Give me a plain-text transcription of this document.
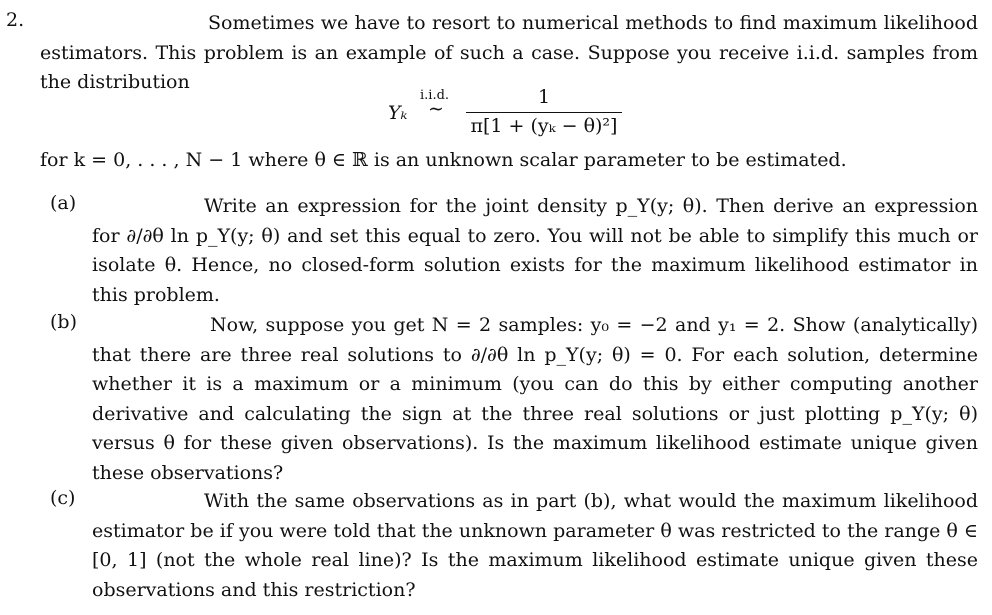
2.	Sometimes we have to resort to numerical methods to find maximum likelihood estimators. This problem is an example of such a case. Suppose you receive i.i.d. samples from the distribution
Yₖ
i.i.d.
∼
1
π[1 + (yₖ − θ)²]
for k = 0, . . . , N − 1 where θ ∈ ℝ is an unknown scalar parameter to be estimated.
(a)	Write an expression for the joint density p_Y(y; θ). Then derive an expression for ∂/∂θ ln p_Y(y; θ) and set this equal to zero. You will not be able to simplify this much or isolate θ. Hence, no closed-form solution exists for the maximum likelihood estimator in this problem.
(b)	Now, suppose you get N = 2 samples: y₀ = −2 and y₁ = 2. Show (analytically) that there are three real solutions to ∂/∂θ ln p_Y(y; θ) = 0. For each solution, determine whether it is a maximum or a minimum (you can do this by either computing another derivative and calculating the sign at the three real solutions or just plotting p_Y(y; θ) versus θ for these given observations). Is the maximum likelihood estimate unique given these observations?
(c)	With the same observations as in part (b), what would the maximum likelihood estimator be if you were told that the unknown parameter θ was restricted to the range θ ∈ [0, 1] (not the whole real line)? Is the maximum likelihood estimate unique given these observations and this restriction?
